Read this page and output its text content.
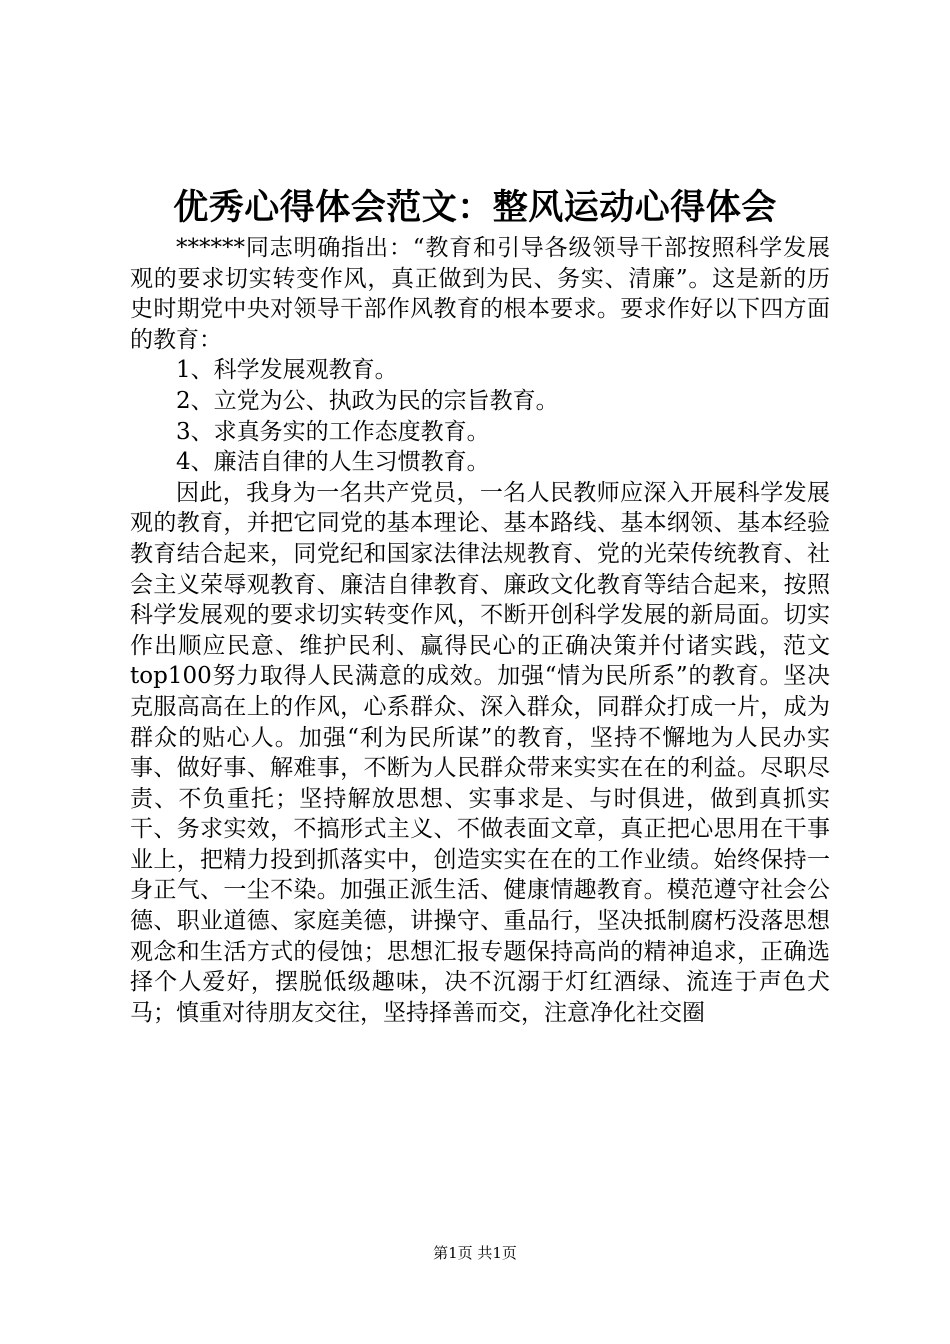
优秀心得体会范文：整风运动心得体会

******同志明确指出：“教育和引导各级领导干部按照科学发展观的要求切实转变作风，真正做到为民、务实、清廉”。这是新的历史时期党中央对领导干部作风教育的根本要求。要求作好以下四方面的教育：

1、科学发展观教育。

2、立党为公、执政为民的宗旨教育。

3、求真务实的工作态度教育。

4、廉洁自律的人生习惯教育。

因此，我身为一名共产党员，一名人民教师应深入开展科学发展观的教育，并把它同党的基本理论、基本路线、基本纲领、基本经验教育结合起来，同党纪和国家法律法规教育、党的光荣传统教育、社会主义荣辱观教育、廉洁自律教育、廉政文化教育等结合起来，按照科学发展观的要求切实转变作风，不断开创科学发展的新局面。切实作出顺应民意、维护民利、赢得民心的正确决策并付诸实践，范文top100努力取得人民满意的成效。加强“情为民所系”的教育。坚决克服高高在上的作风，心系群众、深入群众，同群众打成一片，成为群众的贴心人。加强“利为民所谋”的教育，坚持不懈地为人民办实事、做好事、解难事，不断为人民群众带来实实在在的利益。尽职尽责、不负重托；坚持解放思想、实事求是、与时俱进，做到真抓实干、务求实效，不搞形式主义、不做表面文章，真正把心思用在干事业上，把精力投到抓落实中，创造实实在在的工作业绩。始终保持一身正气、一尘不染。加强正派生活、健康情趣教育。模范遵守社会公德、职业道德、家庭美德，讲操守、重品行，坚决抵制腐朽没落思想观念和生活方式的侵蚀；思想汇报专题保持高尚的精神追求，正确选择个人爱好，摆脱低级趣味，决不沉溺于灯红酒绿、流连于声色犬马；慎重对待朋友交往，坚持择善而交，注意净化社交圈

第1页 共1页
